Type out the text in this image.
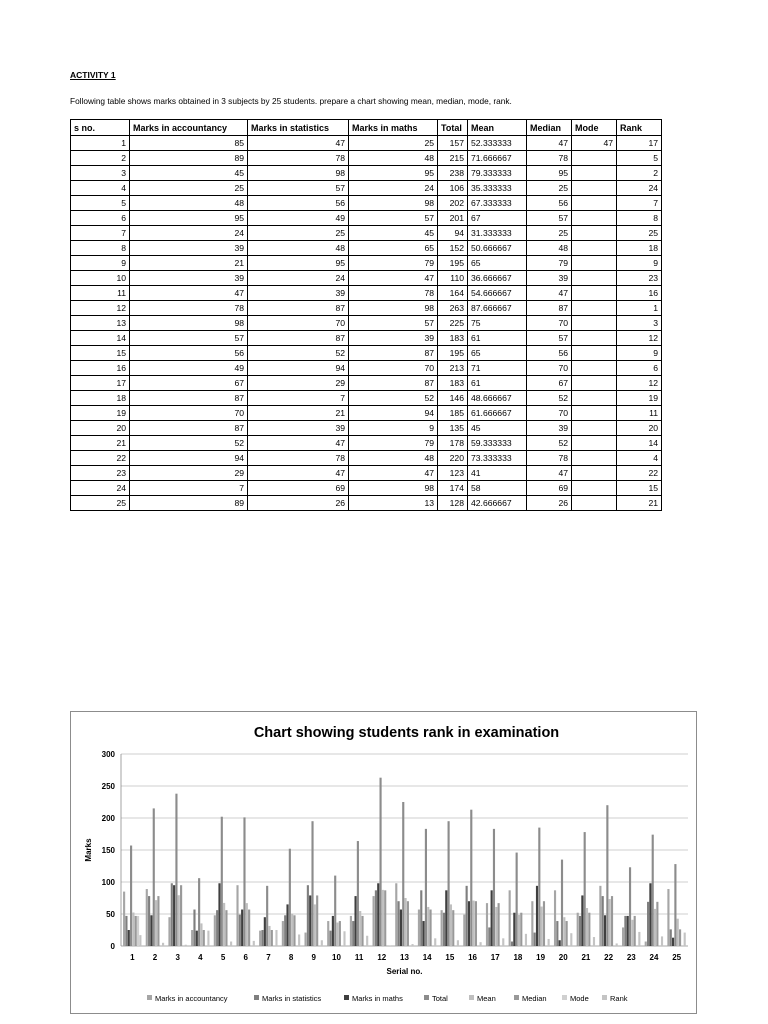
ACTIVITY 1
Following table shows marks obtained in 3 subjects by 25 students. prepare a chart showing mean, median, mode, rank.
s no.	Marks in accountancy	Marks in statistics	Marks in maths	Total	Mean	Median	Mode	Rank
1	85	47	25	157	52.333333	47	47	17
2	89	78	48	215	71.666667	78		5
3	45	98	95	238	79.333333	95		2
4	25	57	24	106	35.333333	25		24
5	48	56	98	202	67.333333	56		7
6	95	49	57	201	67	57		8
7	24	25	45	94	31.333333	25		25
8	39	48	65	152	50.666667	48		18
9	21	95	79	195	65	79		9
10	39	24	47	110	36.666667	39		23
11	47	39	78	164	54.666667	47		16
12	78	87	98	263	87.666667	87		1
13	98	70	57	225	75	70		3
14	57	87	39	183	61	57		12
15	56	52	87	195	65	56		9
16	49	94	70	213	71	70		6
17	67	29	87	183	61	67		12
18	87	7	52	146	48.666667	52		19
19	70	21	94	185	61.666667	70		11
20	87	39	9	135	45	39		20
21	52	47	79	178	59.333333	52		14
22	94	78	48	220	73.333333	78		4
23	29	47	47	123	41	47		22
24	7	69	98	174	58	69		15
25	89	26	13	128	42.666667	26		21
Chart showing students rank in examination
0
50
100
150
200
250
300
Marks
1 2 3 4 5 6 7 8 9 10 11 12 13 14 15 16 17 18 19 20 21 22 23 24 25
Serial no.
Marks in accountancy	Marks in statistics	Marks in maths	Total	Mean	Median	Mode	Rank
